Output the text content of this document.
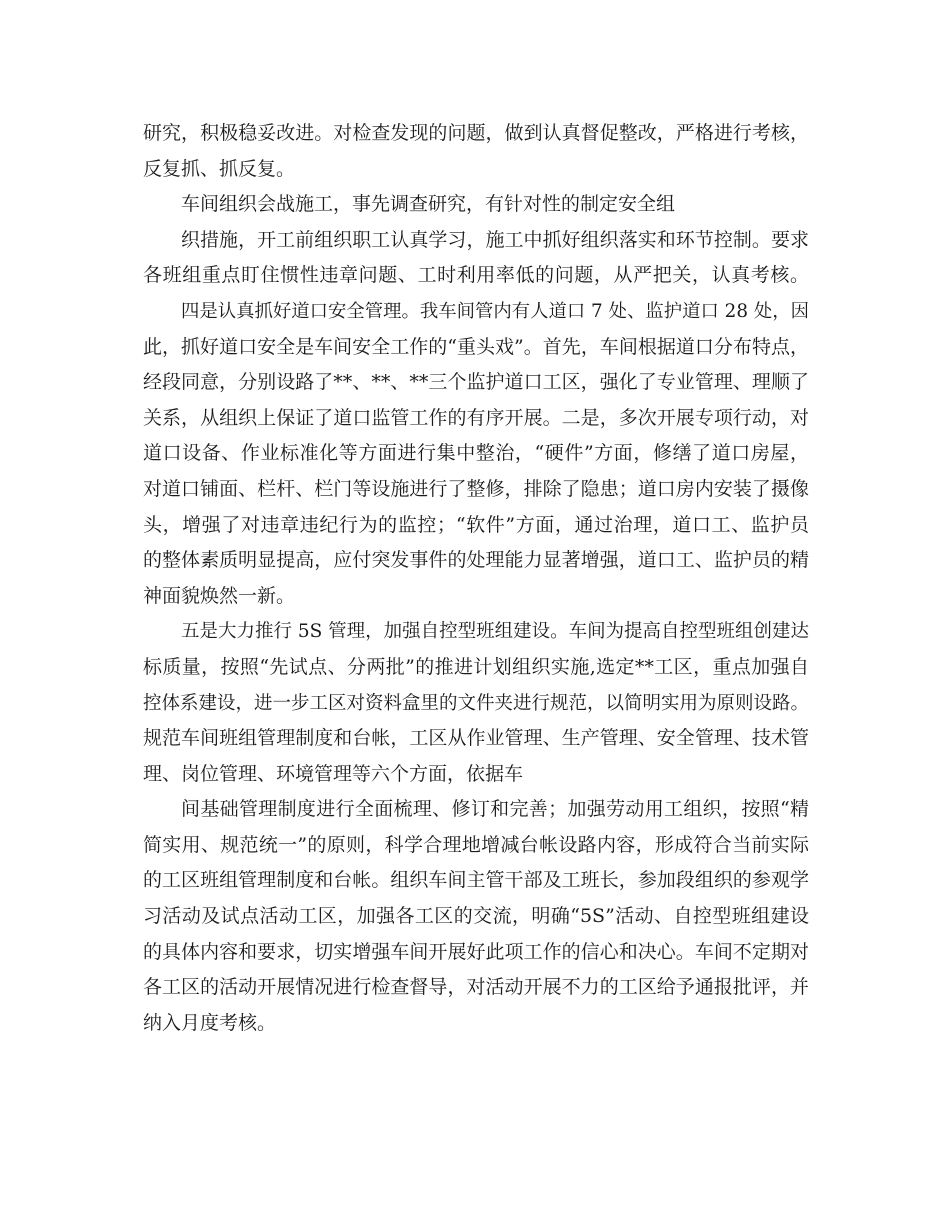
研究，积极稳妥改进。对检查发现的问题，做到认真督促整改，严格进行考核，
反复抓、抓反复。
车间组织会战施工，事先调查研究，有针对性的制定安全组
织措施，开工前组织职工认真学习，施工中抓好组织落实和环节控制。要求
各班组重点盯住惯性违章问题、工时利用率低的问题，从严把关，认真考核。
四是认真抓好道口安全管理。我车间管内有人道口 7 处、监护道口 28 处，因
此，抓好道口安全是车间安全工作的“重头戏”。首先，车间根据道口分布特点，
经段同意，分别设路了**、**、**三个监护道口工区，强化了专业管理、理顺了
关系，从组织上保证了道口监管工作的有序开展。二是，多次开展专项行动，对
道口设备、作业标准化等方面进行集中整治，“硬件”方面，修缮了道口房屋，
对道口铺面、栏杆、栏门等设施进行了整修，排除了隐患；道口房内安装了摄像
头，增强了对违章违纪行为的监控；“软件”方面，通过治理，道口工、监护员
的整体素质明显提高，应付突发事件的处理能力显著增强，道口工、监护员的精
神面貌焕然一新。
五是大力推行 5S 管理，加强自控型班组建设。车间为提高自控型班组创建达
标质量，按照“先试点、分两批”的推进计划组织实施,选定**工区，重点加强自
控体系建设，进一步工区对资料盒里的文件夹进行规范，以简明实用为原则设路。
规范车间班组管理制度和台帐，工区从作业管理、生产管理、安全管理、技术管
理、岗位管理、环境管理等六个方面，依据车
间基础管理制度进行全面梳理、修订和完善；加强劳动用工组织，按照“精
简实用、规范统一”的原则，科学合理地增减台帐设路内容，形成符合当前实际
的工区班组管理制度和台帐。组织车间主管干部及工班长，参加段组织的参观学
习活动及试点活动工区，加强各工区的交流，明确“5S”活动、自控型班组建设
的具体内容和要求，切实增强车间开展好此项工作的信心和决心。车间不定期对
各工区的活动开展情况进行检查督导，对活动开展不力的工区给予通报批评，并
纳入月度考核。
